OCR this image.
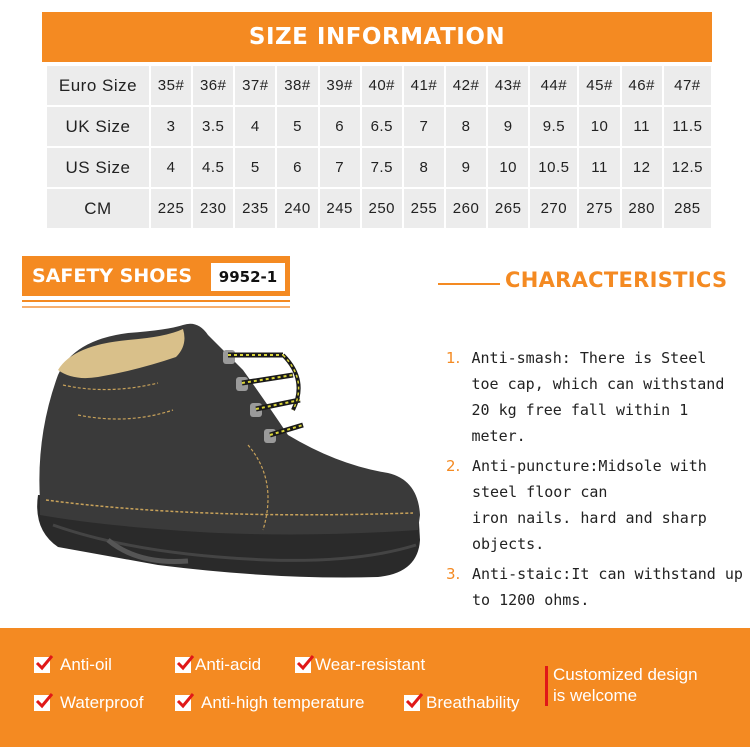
SIZE INFORMATION
Euro Size	35#	36#	37#	38#	39#	40#	41#	42#	43#	44#	45#	46#	47#
UK Size	3	3.5	4	5	6	6.5	7	8	9	9.5	10	11	11.5
US Size	4	4.5	5	6	7	7.5	8	9	10	10.5	11	12	12.5
CM	225	230	235	240	245	250	255	260	265	270	275	280	285
SAFETY SHOES	9952-1	CHARACTERISTICS
1. Anti-smash: There is Steel
toe cap, which can withstand
20 kg free fall within 1 meter.
2. Anti-puncture:Midsole with
steel floor can
iron nails. hard and sharp
objects.
3. Anti-staic:It can withstand up
to 1200 ohms.
Anti-oil	Anti-acid	Wear-resistant
Waterproof	Anti-high temperature	Breathability
Customized design
is welcome
